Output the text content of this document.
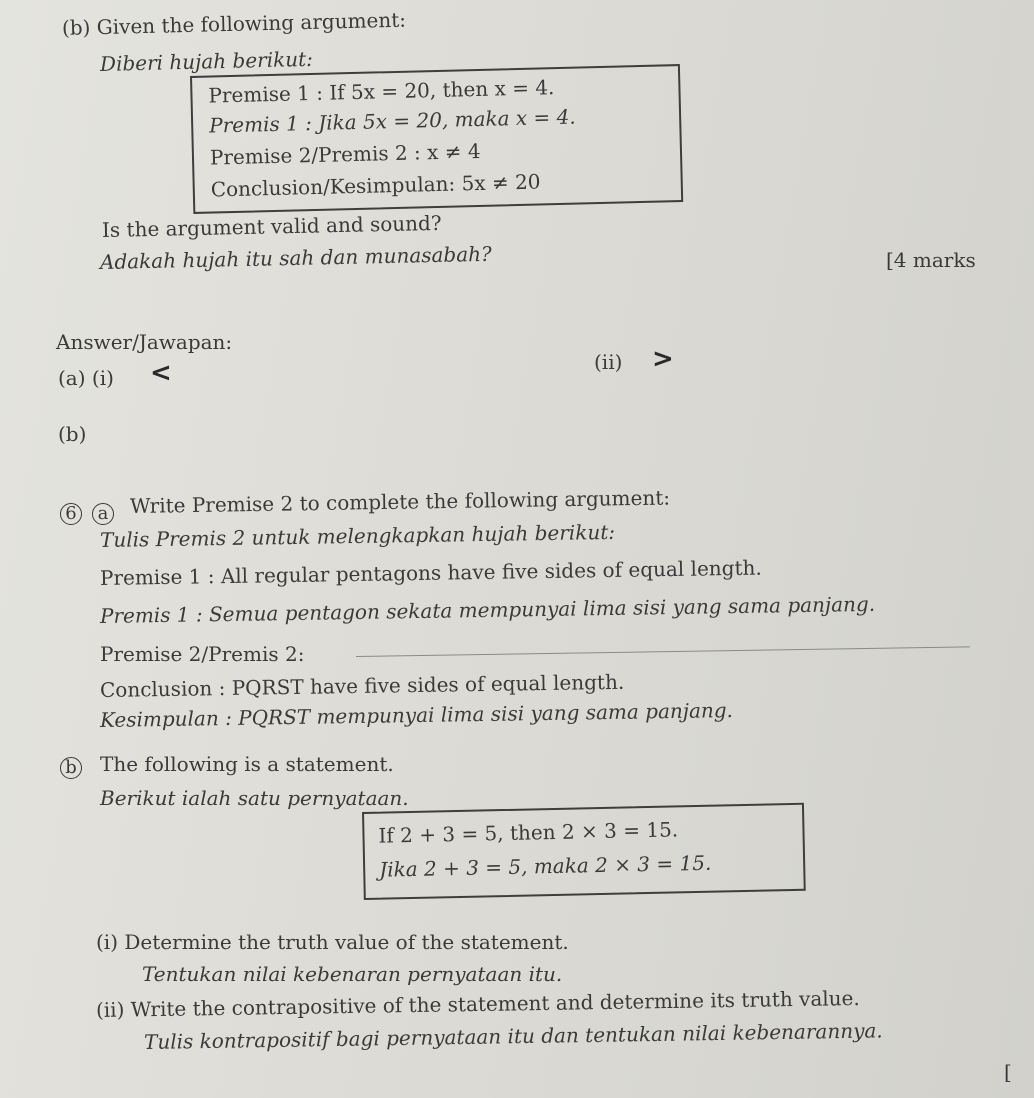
(b) Given the following argument:
Diberi hujah berikut:
Premise 1 : If 5x = 20, then x = 4.
Premis 1 : Jika 5x = 20, maka x = 4.
Premise 2/Premis 2 : x ≠ 4
Conclusion/Kesimpulan: 5x ≠ 20
Is the argument valid and sound?
Adakah hujah itu sah dan munasabah?	[4 marks
Answer/Jawapan:
(a) (i) <	(ii) >
(b)
6	a Write Premise 2 to complete the following argument:
Tulis Premis 2 untuk melengkapkan hujah berikut:
Premise 1 : All regular pentagons have five sides of equal length.
Premis 1 : Semua pentagon sekata mempunyai lima sisi yang sama panjang.
Premise 2/Premis 2:
Conclusion : PQRST have five sides of equal length.
Kesimpulan : PQRST mempunyai lima sisi yang sama panjang.
b The following is a statement.
Berikut ialah satu pernyataan.
If 2 + 3 = 5, then 2 × 3 = 15.
Jika 2 + 3 = 5, maka 2 × 3 = 15.
(i) Determine the truth value of the statement.
Tentukan nilai kebenaran pernyataan itu.
(ii) Write the contrapositive of the statement and determine its truth value.
Tulis kontrapositif bagi pernyataan itu dan tentukan nilai kebenarannya.
[
